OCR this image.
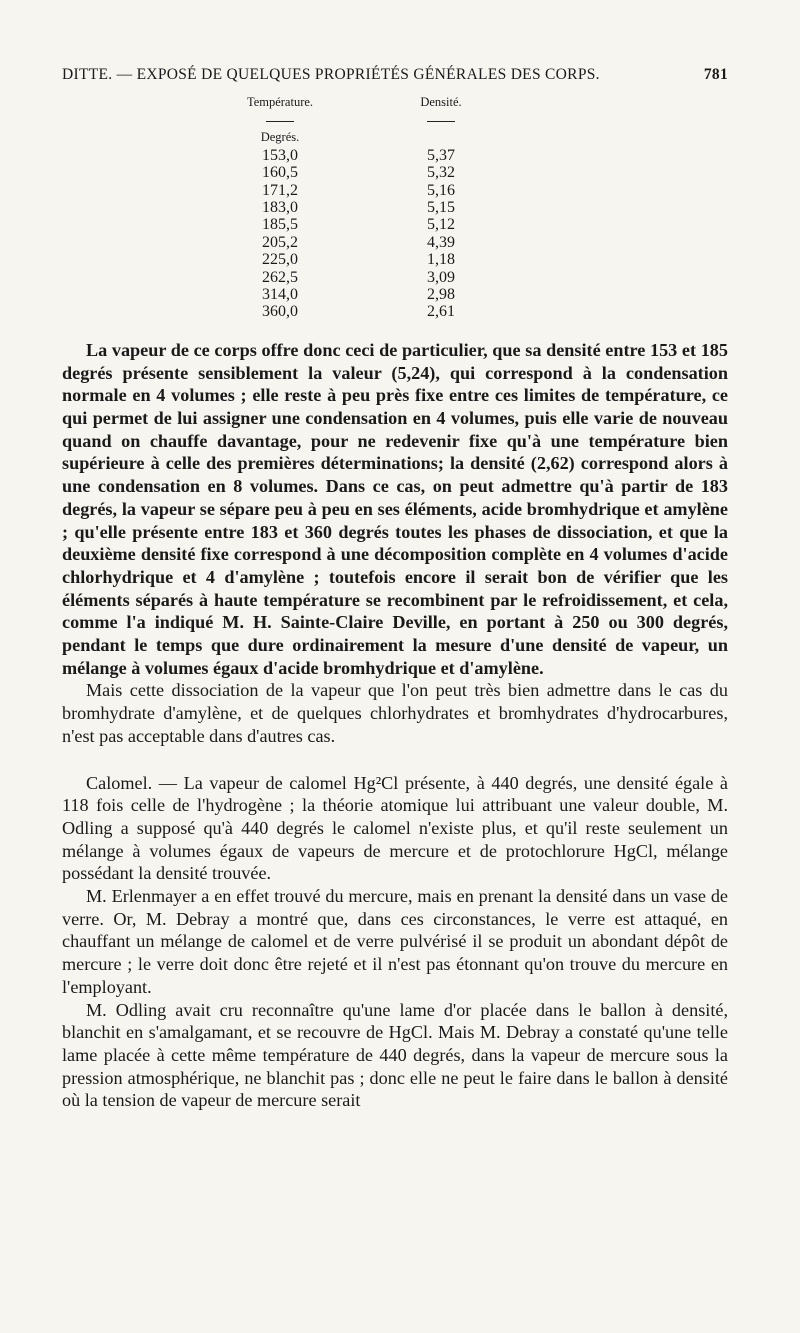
DITTE. — EXPOSÉ DE QUELQUES PROPRIÉTÉS GÉNÉRALES DES CORPS.	781
Température.		Densité.

Degrés.		
153,0		5,37
160,5		5,32
171,2		5,16
183,0		5,15
185,5		5,12
205,2		4,39
225,0		1,18
262,5		3,09
314,0		2,98
360,0		2,61

La vapeur de ce corps offre donc ceci de particulier, que sa densité entre 153 et 185 degrés présente sensiblement la valeur (5,24), qui correspond à la condensation normale en 4 volumes ; elle reste à peu près fixe entre ces limites de température, ce qui permet de lui assigner une condensation en 4 volumes, puis elle varie de nouveau quand on chauffe davantage, pour ne redevenir fixe qu'à une température bien supérieure à celle des premières déterminations; la densité (2,62) correspond alors à une condensation en 8 volumes. Dans ce cas, on peut admettre qu'à partir de 183 degrés, la vapeur se sépare peu à peu en ses éléments, acide bromhydrique et amylène ; qu'elle présente entre 183 et 360 degrés toutes les phases de dissociation, et que la deuxième densité fixe correspond à une décomposition complète en 4 volumes d'acide chlorhydrique et 4 d'amylène ; toutefois encore il serait bon de vérifier que les éléments séparés à haute température se recombinent par le refroidissement, et cela, comme l'a indiqué M. H. Sainte-Claire Deville, en portant à 250 ou 300 degrés, pendant le temps que dure ordinairement la mesure d'une densité de vapeur, un mélange à volumes égaux d'acide bromhydrique et d'amylène.

Mais cette dissociation de la vapeur que l'on peut très bien admettre dans le cas du bromhydrate d'amylène, et de quelques chlorhydrates et bromhydrates d'hydrocarbures, n'est pas acceptable dans d'autres cas.

Calomel. — La vapeur de calomel Hg²Cl présente, à 440 degrés, une densité égale à 118 fois celle de l'hydrogène ; la théorie atomique lui attribuant une valeur double, M. Odling a supposé qu'à 440 degrés le calomel n'existe plus, et qu'il reste seulement un mélange à volumes égaux de vapeurs de mercure et de protochlorure HgCl, mélange possédant la densité trouvée.

M. Erlenmayer a en effet trouvé du mercure, mais en prenant la densité dans un vase de verre. Or, M. Debray a montré que, dans ces circonstances, le verre est attaqué, en chauffant un mélange de calomel et de verre pulvérisé il se produit un abondant dépôt de mercure ; le verre doit donc être rejeté et il n'est pas étonnant qu'on trouve du mercure en l'employant.

M. Odling avait cru reconnaître qu'une lame d'or placée dans le ballon à densité, blanchit en s'amalgamant, et se recouvre de HgCl. Mais M. Debray a constaté qu'une telle lame placée à cette même température de 440 degrés, dans la vapeur de mercure sous la pression atmosphérique, ne blanchit pas ; donc elle ne peut le faire dans le ballon à densité où la tension de vapeur de mercure serait
